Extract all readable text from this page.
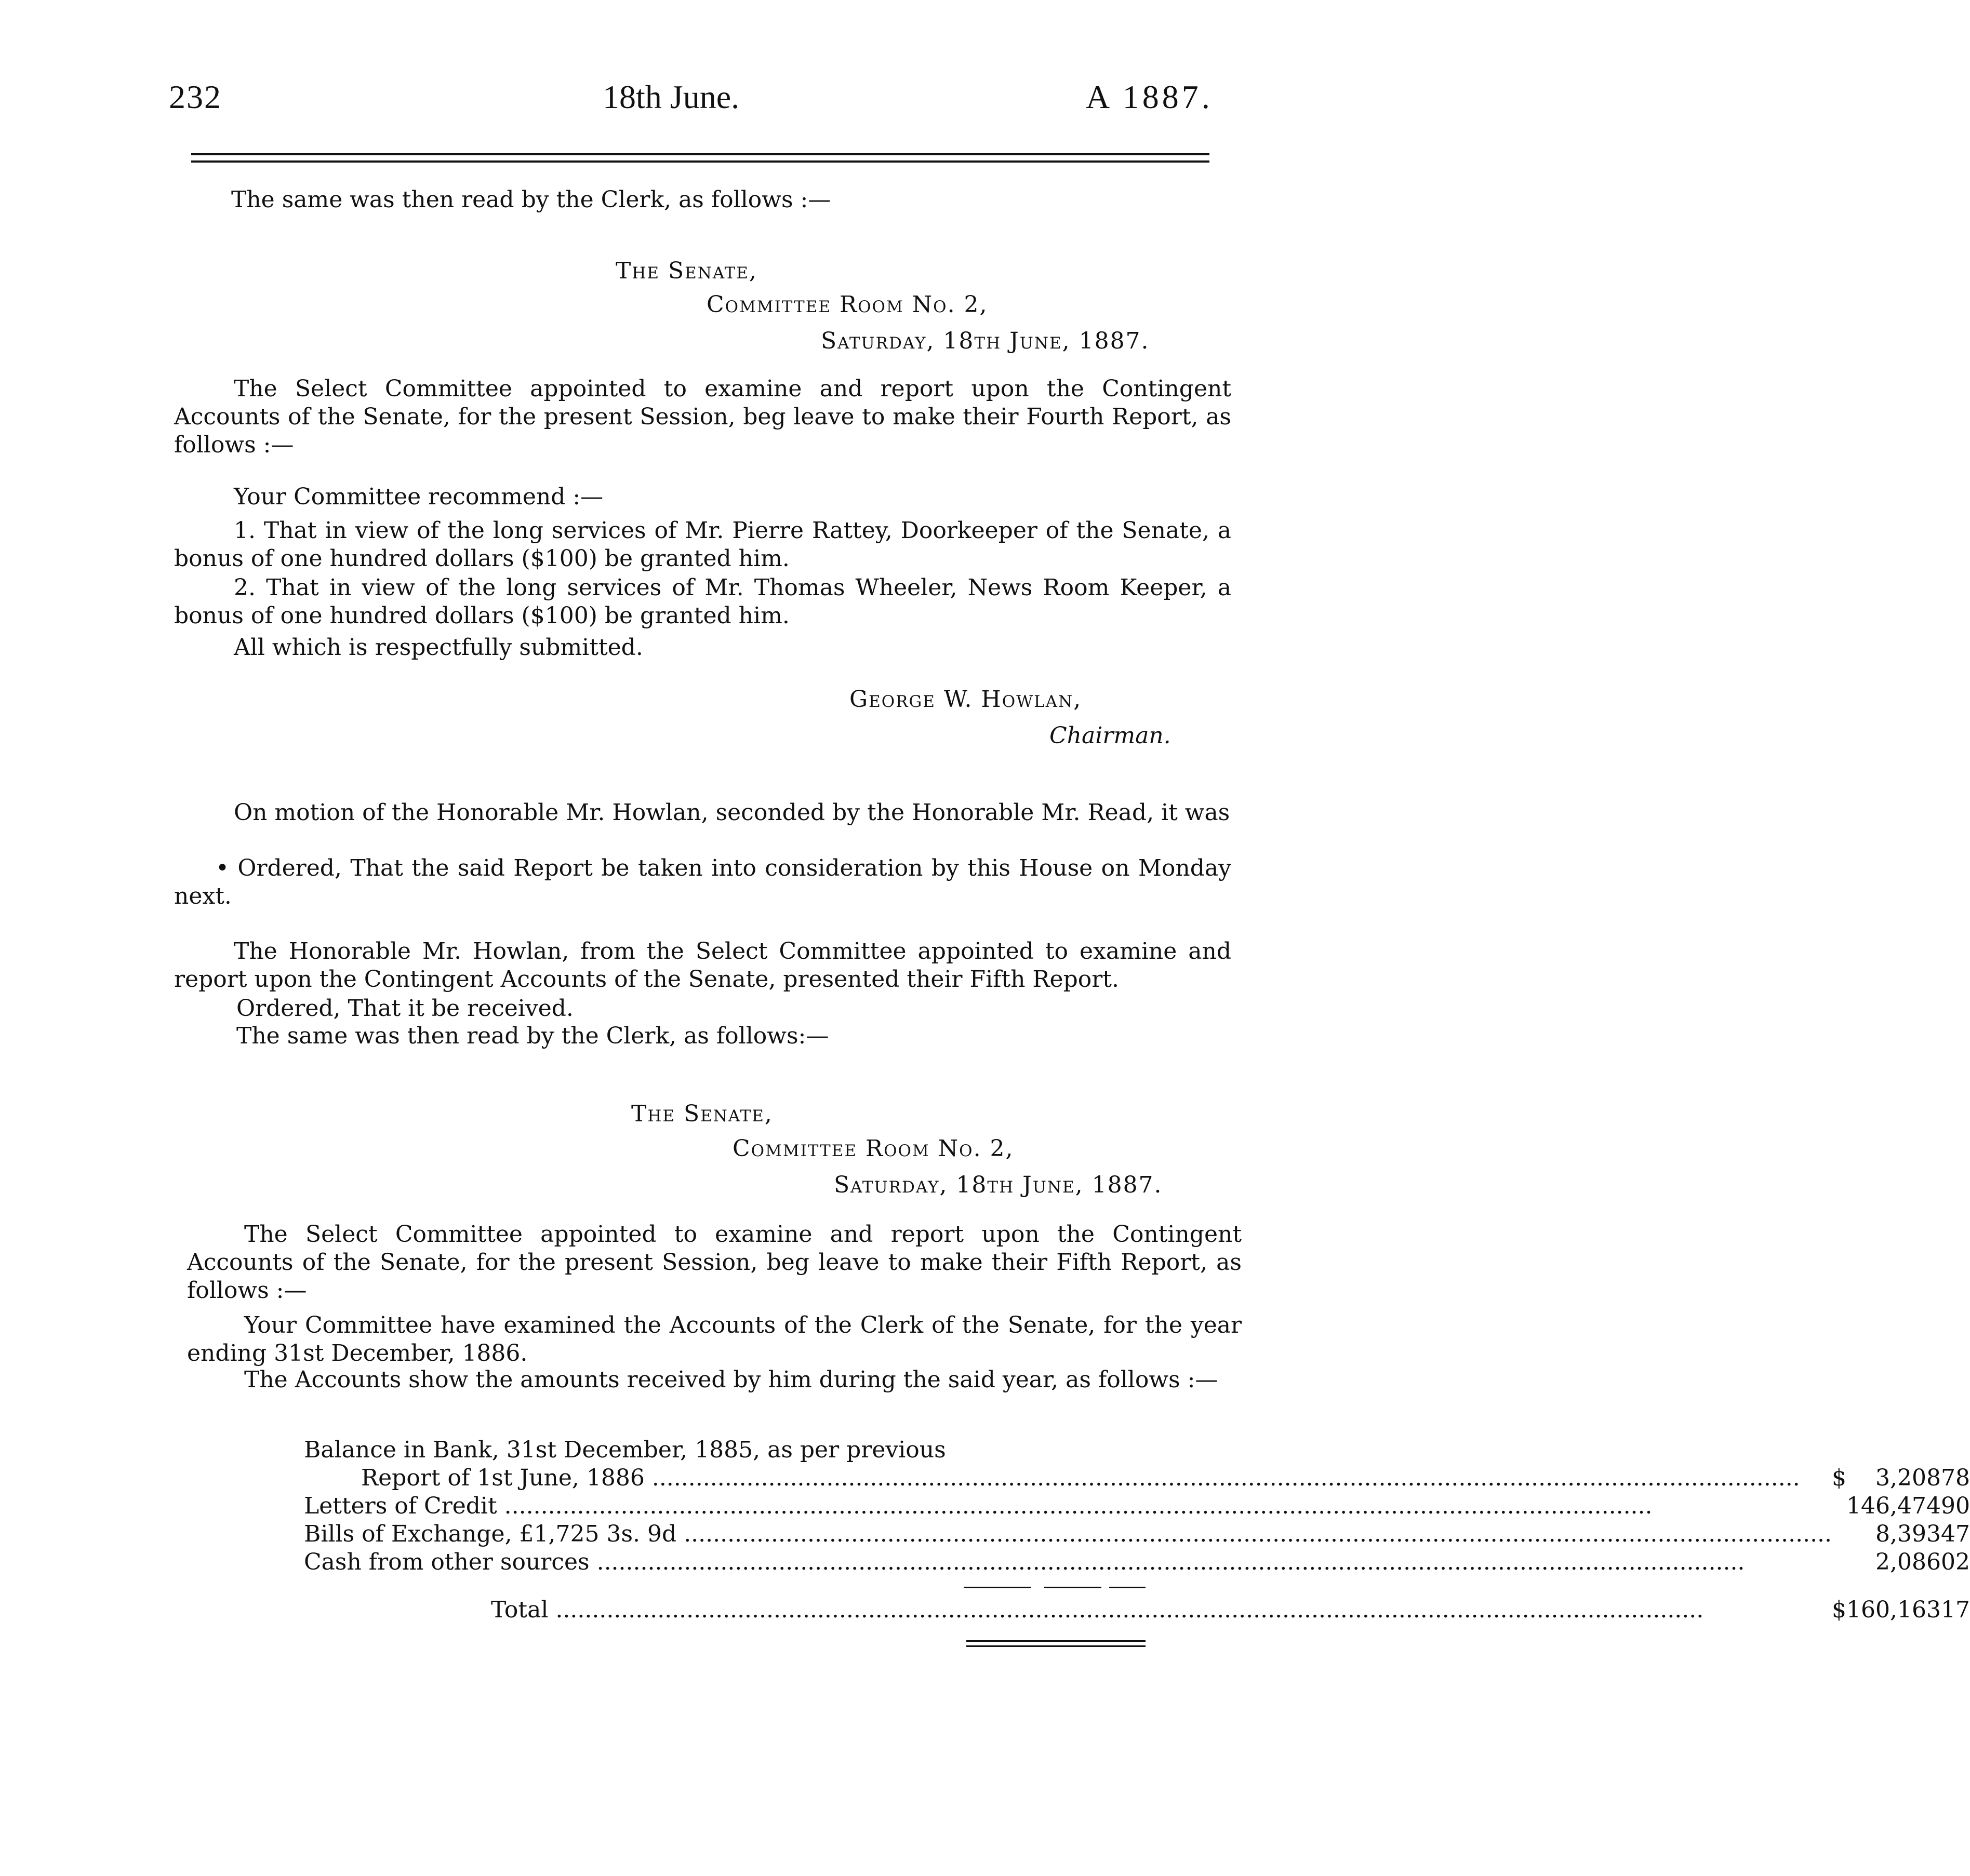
232	18th June.	A 1887.
The same was then read by the Clerk, as follows :—
The Senate,
Committee Room No. 2,
Saturday, 18th June, 1887.
The Select Committee appointed to examine and report upon the Contingent Accounts of the Senate, for the present Session, beg leave to make their Fourth Report, as follows :—
Your Committee recommend :—
1. That in view of the long services of Mr. Pierre Rattey, Doorkeeper of the Senate, a bonus of one hundred dollars ($100) be granted him.
2. That in view of the long services of Mr. Thomas Wheeler, News Room Keeper, a bonus of one hundred dollars ($100) be granted him.
All which is respectfully submitted.
George W. Howlan,
Chairman.
On motion of the Honorable Mr. Howlan, seconded by the Honorable Mr. Read, it was
• Ordered, That the said Report be taken into consideration by this House on Monday next.
The Honorable Mr. Howlan, from the Select Committee appointed to examine and report upon the Contingent Accounts of the Senate, presented their Fifth Report.
Ordered, That it be received.
The same was then read by the Clerk, as follows:—
The Senate,
Committee Room No. 2,
Saturday, 18th June, 1887.
The Select Committee appointed to examine and report upon the Contingent Accounts of the Senate, for the present Session, beg leave to make their Fifth Report, as follows :—
Your Committee have examined the Accounts of the Clerk of the Senate, for the year ending 31st December, 1886.
The Accounts show the amounts received by him during the said year, as follows :—
Balance in Bank, 31st December, 1885, as per previous			
Report of 1st June, 1886 .....	$	3,208	78
Letters of Credit .....		146,474	90
Bills of Exchange, £1,725 3s. 9d .....		8,393	47
Cash from other sources .....		2,086	02

Total .....	$160,163		17
